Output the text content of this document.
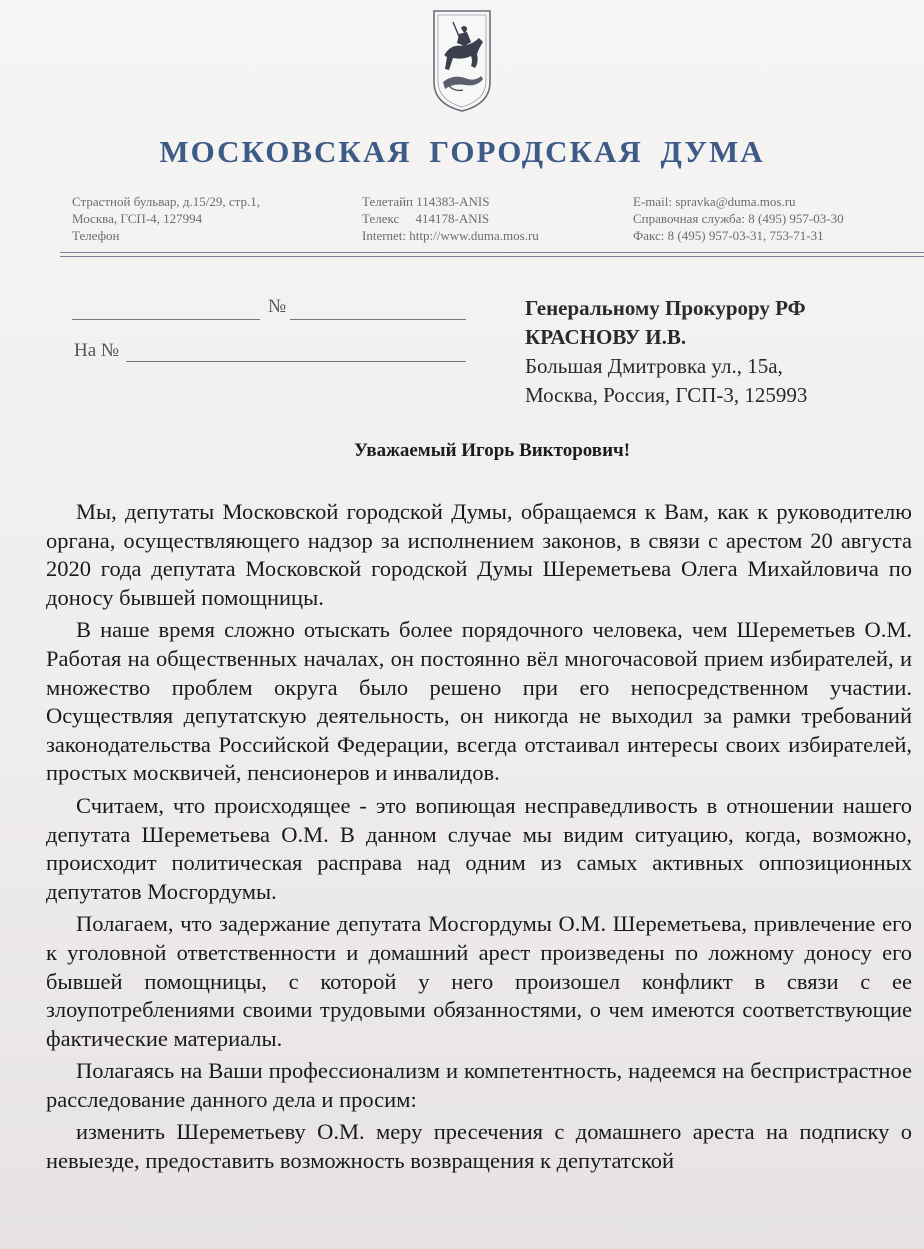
МОСКОВСКАЯ ГОРОДСКАЯ ДУМА
Страстной бульвар, д.15/29, стр.1,
Москва, ГСП-4, 127994
Телефон
Телетайп 114383-ANIS
Телекс     414178-ANIS
Internet: http://www.duma.mos.ru
E-mail: spravka@duma.mos.ru
Справочная служба: 8 (495) 957-03-30
Факс: 8 (495) 957-03-31, 753-71-31
№
На №
Генеральному Прокурору РФ
КРАСНОВУ И.В.
Большая Дмитровка ул., 15а,
Москва, Россия, ГСП-3, 125993
Уважаемый Игорь Викторович!

Мы, депутаты Московской городской Думы, обращаемся к Вам, как к руководителю органа, осуществляющего надзор за исполнением законов, в связи с арестом 20 августа 2020 года депутата Московской городской Думы Шереметьева Олега Михайловича по доносу бывшей помощницы.

В наше время сложно отыскать более порядочного человека, чем Шереметьев О.М. Работая на общественных началах, он постоянно вёл многочасовой прием избирателей, и множество проблем округа было решено при его непосредственном участии. Осуществляя депутатскую деятельность, он никогда не выходил за рамки требований законодательства Российской Федерации, всегда отстаивал интересы своих избирателей, простых москвичей, пенсионеров и инвалидов.

Считаем, что происходящее - это вопиющая несправедливость в отношении нашего депутата Шереметьева О.М. В данном случае мы видим ситуацию, когда, возможно, происходит политическая расправа над одним из самых активных оппозиционных депутатов Мосгордумы.

Полагаем, что задержание депутата Мосгордумы О.М. Шереметьева, привлечение его к уголовной ответственности и домашний арест произведены по ложному доносу его бывшей помощницы, с которой у него произошел конфликт в связи с ее злоупотреблениями своими трудовыми обязанностями, о чем имеются соответствующие фактические материалы.

Полагаясь на Ваши профессионализм и компетентность, надеемся на беспристрастное расследование данного дела и просим:

изменить Шереметьеву О.М. меру пресечения с домашнего ареста на подписку о невыезде, предоставить возможность возвращения к депутатской
